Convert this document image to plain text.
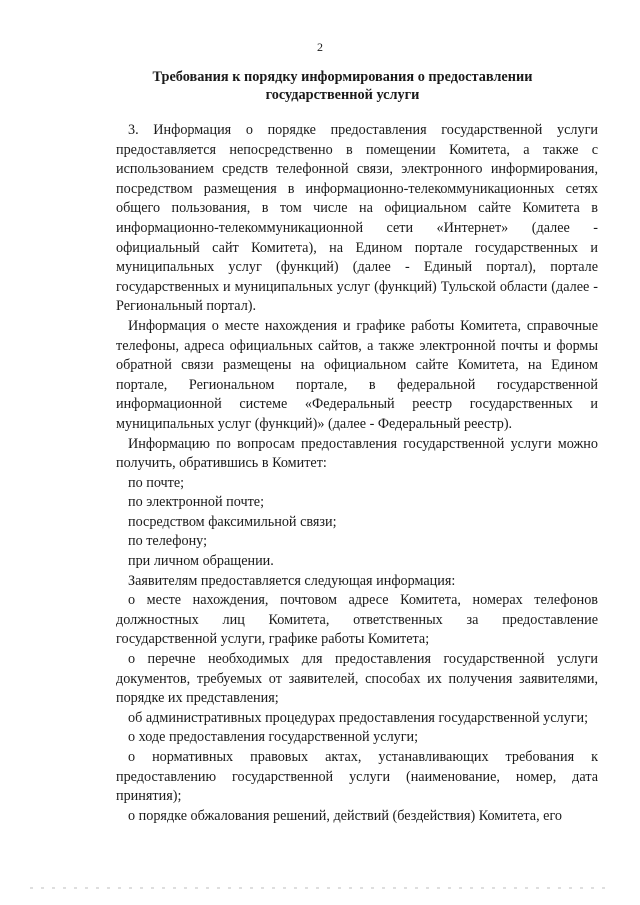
2

Требования к порядку информирования о предоставлении
государственной услуги

3. Информация о порядке предоставления государственной услуги предоставляется непосредственно в помещении Комитета, а также с использованием средств телефонной связи, электронного информирования, посредством размещения в информационно-телекоммуникационных сетях общего пользования, в том числе на официальном сайте Комитета в информационно-телекоммуникационной сети «Интернет» (далее - официальный сайт Комитета), на Едином портале государственных и муниципальных услуг (функций) (далее - Единый портал), портале государственных и муниципальных услуг (функций) Тульской области (далее - Региональный портал).

Информация о месте нахождения и графике работы Комитета, справочные телефоны, адреса официальных сайтов, а также электронной почты и формы обратной связи размещены на официальном сайте Комитета, на Едином портале, Региональном портале, в федеральной государственной информационной системе «Федеральный реестр государственных и муниципальных услуг (функций)» (далее - Федеральный реестр).

Информацию по вопросам предоставления государственной услуги можно получить, обратившись в Комитет:

по почте;

по электронной почте;

посредством факсимильной связи;

по телефону;

при личном обращении.

Заявителям предоставляется следующая информация:

о месте нахождения, почтовом адресе Комитета, номерах телефонов должностных лиц Комитета, ответственных за предоставление государственной услуги, графике работы Комитета;

о перечне необходимых для предоставления государственной услуги документов, требуемых от заявителей, способах их получения заявителями, порядке их представления;

об административных процедурах предоставления государственной услуги;

о ходе предоставления государственной услуги;

о нормативных правовых актах, устанавливающих требования к предоставлению государственной услуги (наименование, номер, дата принятия);

о порядке обжалования решений, действий (бездействия) Комитета, его
